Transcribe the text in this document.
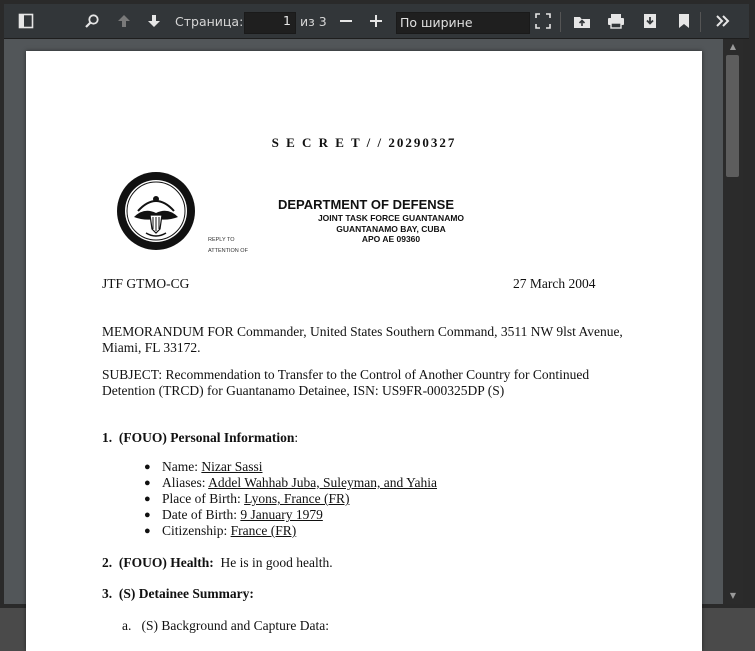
Страница:	1 из 3	По ширине
S E C R E T / / 20290327
DEPARTMENT OF DEFENSE
JOINT TASK FORCE GUANTANAMO
GUANTANAMO BAY, CUBA
APO AE 09360
REPLY TO
ATTENTION OF
JTF GTMO-CG	27 March 2004
MEMORANDUM FOR Commander, United States Southern Command, 3511 NW 9lst Avenue,
Miami, FL 33172.
SUBJECT: Recommendation to Transfer to the Control of Another Country for Continued
Detention (TRCD) for Guantanamo Detainee, ISN: US9FR-000325DP (S)
1. (FOUO) Personal Information:
● Name: Nizar Sassi
● Aliases: Addel Wahhab Juba, Suleyman, and Yahia
● Place of Birth: Lyons, France (FR)
● Date of Birth: 9 January 1979
● Citizenship: France (FR)
2. (FOUO) Health: He is in good health.
3. (S) Detainee Summary:
a. (S) Background and Capture Data:
▲
▼
